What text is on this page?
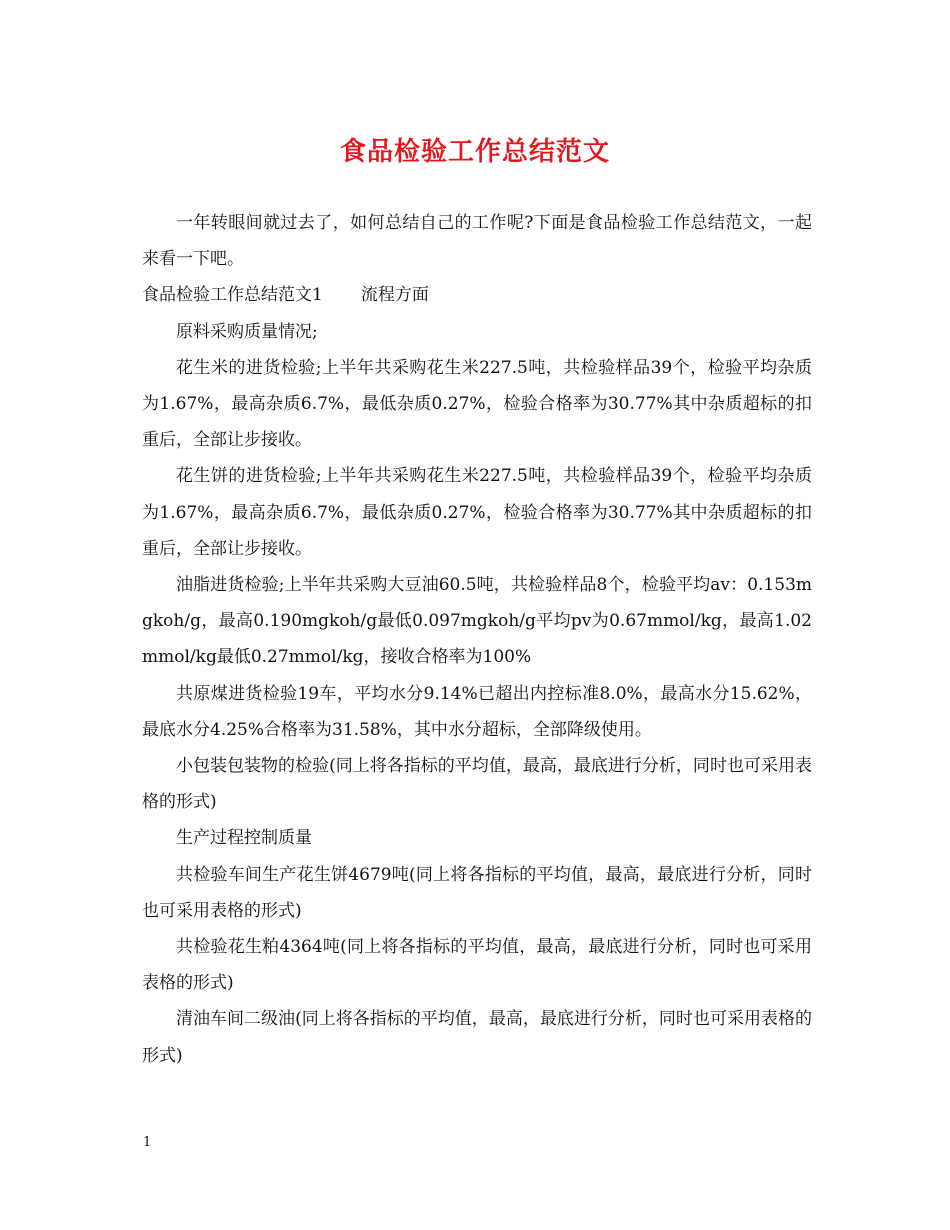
食品检验工作总结范文

一年转眼间就过去了，如何总结自己的工作呢?下面是食品检验工作总结范文，一起来看一下吧。

食品检验工作总结范文1 流程方面

原料采购质量情况;

花生米的进货检验;上半年共采购花生米227.5吨，共检验样品39个，检验平均杂质为1.67%，最高杂质6.7%，最低杂质0.27%，检验合格率为30.77%其中杂质超标的扣重后，全部让步接收。

花生饼的进货检验;上半年共采购花生米227.5吨，共检验样品39个，检验平均杂质为1.67%，最高杂质6.7%，最低杂质0.27%，检验合格率为30.77%其中杂质超标的扣重后，全部让步接收。

油脂进货检验;上半年共采购大豆油60.5吨，共检验样品8个，检验平均av：0.153mgkoh/g，最高0.190mgkoh/g最低0.097mgkoh/g平均pv为0.67mmol/kg，最高1.02mmol/kg最低0.27mmol/kg，接收合格率为100%

共原煤进货检验19车，平均水分9.14%已超出内控标准8.0%，最高水分15.62%，最底水分4.25%合格率为31.58%，其中水分超标，全部降级使用。

小包装包装物的检验(同上将各指标的平均值，最高，最底进行分析，同时也可采用表格的形式)

生产过程控制质量

共检验车间生产花生饼4679吨(同上将各指标的平均值，最高，最底进行分析，同时也可采用表格的形式)

共检验花生粕4364吨(同上将各指标的平均值，最高，最底进行分析，同时也可采用表格的形式)

清油车间二级油(同上将各指标的平均值，最高，最底进行分析，同时也可采用表格的形式)

1
